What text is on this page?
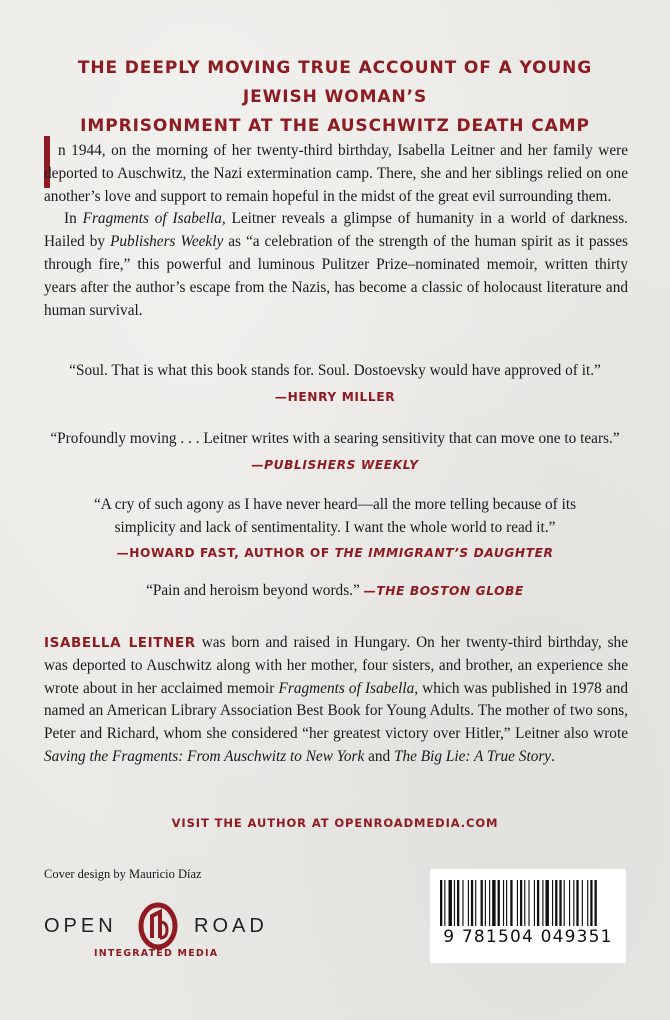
THE DEEPLY MOVING TRUE ACCOUNT OF A YOUNG JEWISH WOMAN’S
IMPRISONMENT AT THE AUSCHWITZ DEATH CAMP

n 1944, on the morning of her twenty-third birthday, Isabella Leitner and her family were deported to Auschwitz, the Nazi extermination camp. There, she and her siblings relied on one another’s love and support to remain hopeful in the midst of the great evil surrounding them.

In Fragments of Isabella, Leitner reveals a glimpse of humanity in a world of darkness. Hailed by Publishers Weekly as “a celebration of the strength of the human spirit as it passes through fire,” this powerful and luminous Pulitzer Prize–nominated memoir, written thirty years after the author’s escape from the Nazis, has become a classic of holocaust literature and human survival.

“Soul. That is what this book stands for. Soul. Dostoevsky would have approved of it.”
—HENRY MILLER
“Profoundly moving . . . Leitner writes with a searing sensitivity that can move one to tears.”
—PUBLISHERS WEEKLY
“A cry of such agony as I have never heard—all the more telling because of its
simplicity and lack of sentimentality. I want the whole world to read it.”
—HOWARD FAST, AUTHOR OF THE IMMIGRANT’S DAUGHTER
“Pain and heroism beyond words.” —THE BOSTON GLOBE
ISABELLA LEITNER was born and raised in Hungary. On her twenty-third birthday, she was deported to Auschwitz along with her mother, four sisters, and brother, an experience she wrote about in her acclaimed memoir Fragments of Isabella, which was published in 1978 and named an American Library Association Best Book for Young Adults. The mother of two sons, Peter and Richard, whom she considered “her greatest victory over Hitler,” Leitner also wrote Saving the Fragments: From Auschwitz to New York and The Big Lie: A True Story.
VISIT THE AUTHOR AT OPENROADMEDIA.COM
Cover design by Mauricio Díaz
OPEN	ROAD
INTEGRATED MEDIA
9 781504 049351
